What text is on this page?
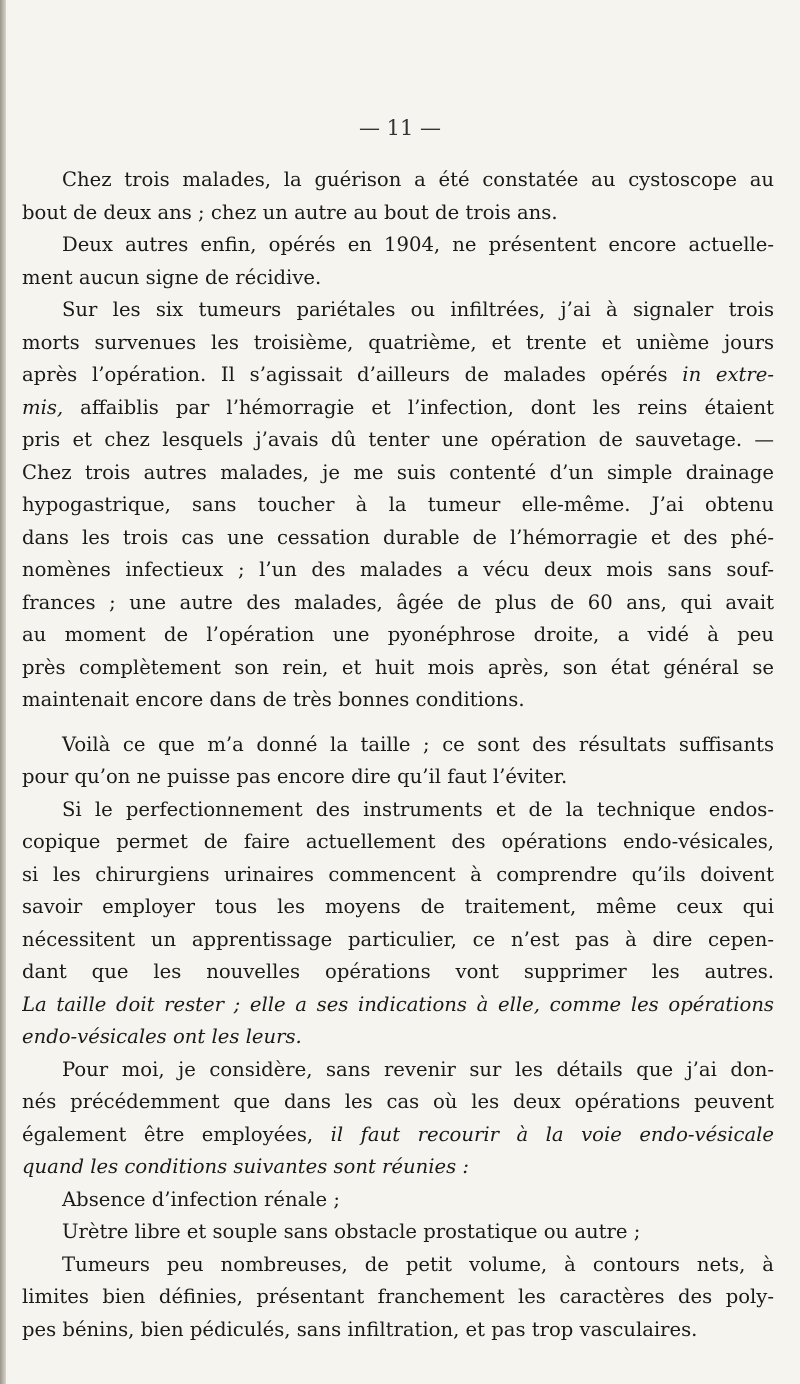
— 11 —
Chez trois malades, la guérison a été constatée au cystoscope au
bout de deux ans ; chez un autre au bout de trois ans.
Deux autres enfin, opérés en 1904, ne présentent encore actuelle-
ment aucun signe de récidive.
Sur les six tumeurs pariétales ou infiltrées, j’ai à signaler trois
morts survenues les troisième, quatrième, et trente et unième jours
après l’opération. Il s’agissait d’ailleurs de malades opérés in extre-
mis, affaiblis par l’hémorragie et l’infection, dont les reins étaient
pris et chez lesquels j’avais dû tenter une opération de sauvetage. —
Chez trois autres malades, je me suis contenté d’un simple drainage
hypogastrique, sans toucher à la tumeur elle-même. J’ai obtenu
dans les trois cas une cessation durable de l’hémorragie et des phé-
nomènes infectieux ; l’un des malades a vécu deux mois sans souf-
frances ; une autre des malades, âgée de plus de 60 ans, qui avait
au moment de l’opération une pyonéphrose droite, a vidé à peu
près complètement son rein, et huit mois après, son état général se
maintenait encore dans de très bonnes conditions.
Voilà ce que m’a donné la taille ; ce sont des résultats suffisants
pour qu’on ne puisse pas encore dire qu’il faut l’éviter.
Si le perfectionnement des instruments et de la technique endos-
copique permet de faire actuellement des opérations endo-vésicales,
si les chirurgiens urinaires commencent à comprendre qu’ils doivent
savoir employer tous les moyens de traitement, même ceux qui
nécessitent un apprentissage particulier, ce n’est pas à dire cepen-
dant que les nouvelles opérations vont supprimer les autres.
La taille doit rester ; elle a ses indications à elle, comme les opérations
endo-vésicales ont les leurs.
Pour moi, je considère, sans revenir sur les détails que j’ai don-
nés précédemment que dans les cas où les deux opérations peuvent
également être employées, il faut recourir à la voie endo-vésicale
quand les conditions suivantes sont réunies :
Absence d’infection rénale ;
Urètre libre et souple sans obstacle prostatique ou autre ;
Tumeurs peu nombreuses, de petit volume, à contours nets, à
limites bien définies, présentant franchement les caractères des poly-
pes bénins, bien pédiculés, sans infiltration, et pas trop vasculaires.
